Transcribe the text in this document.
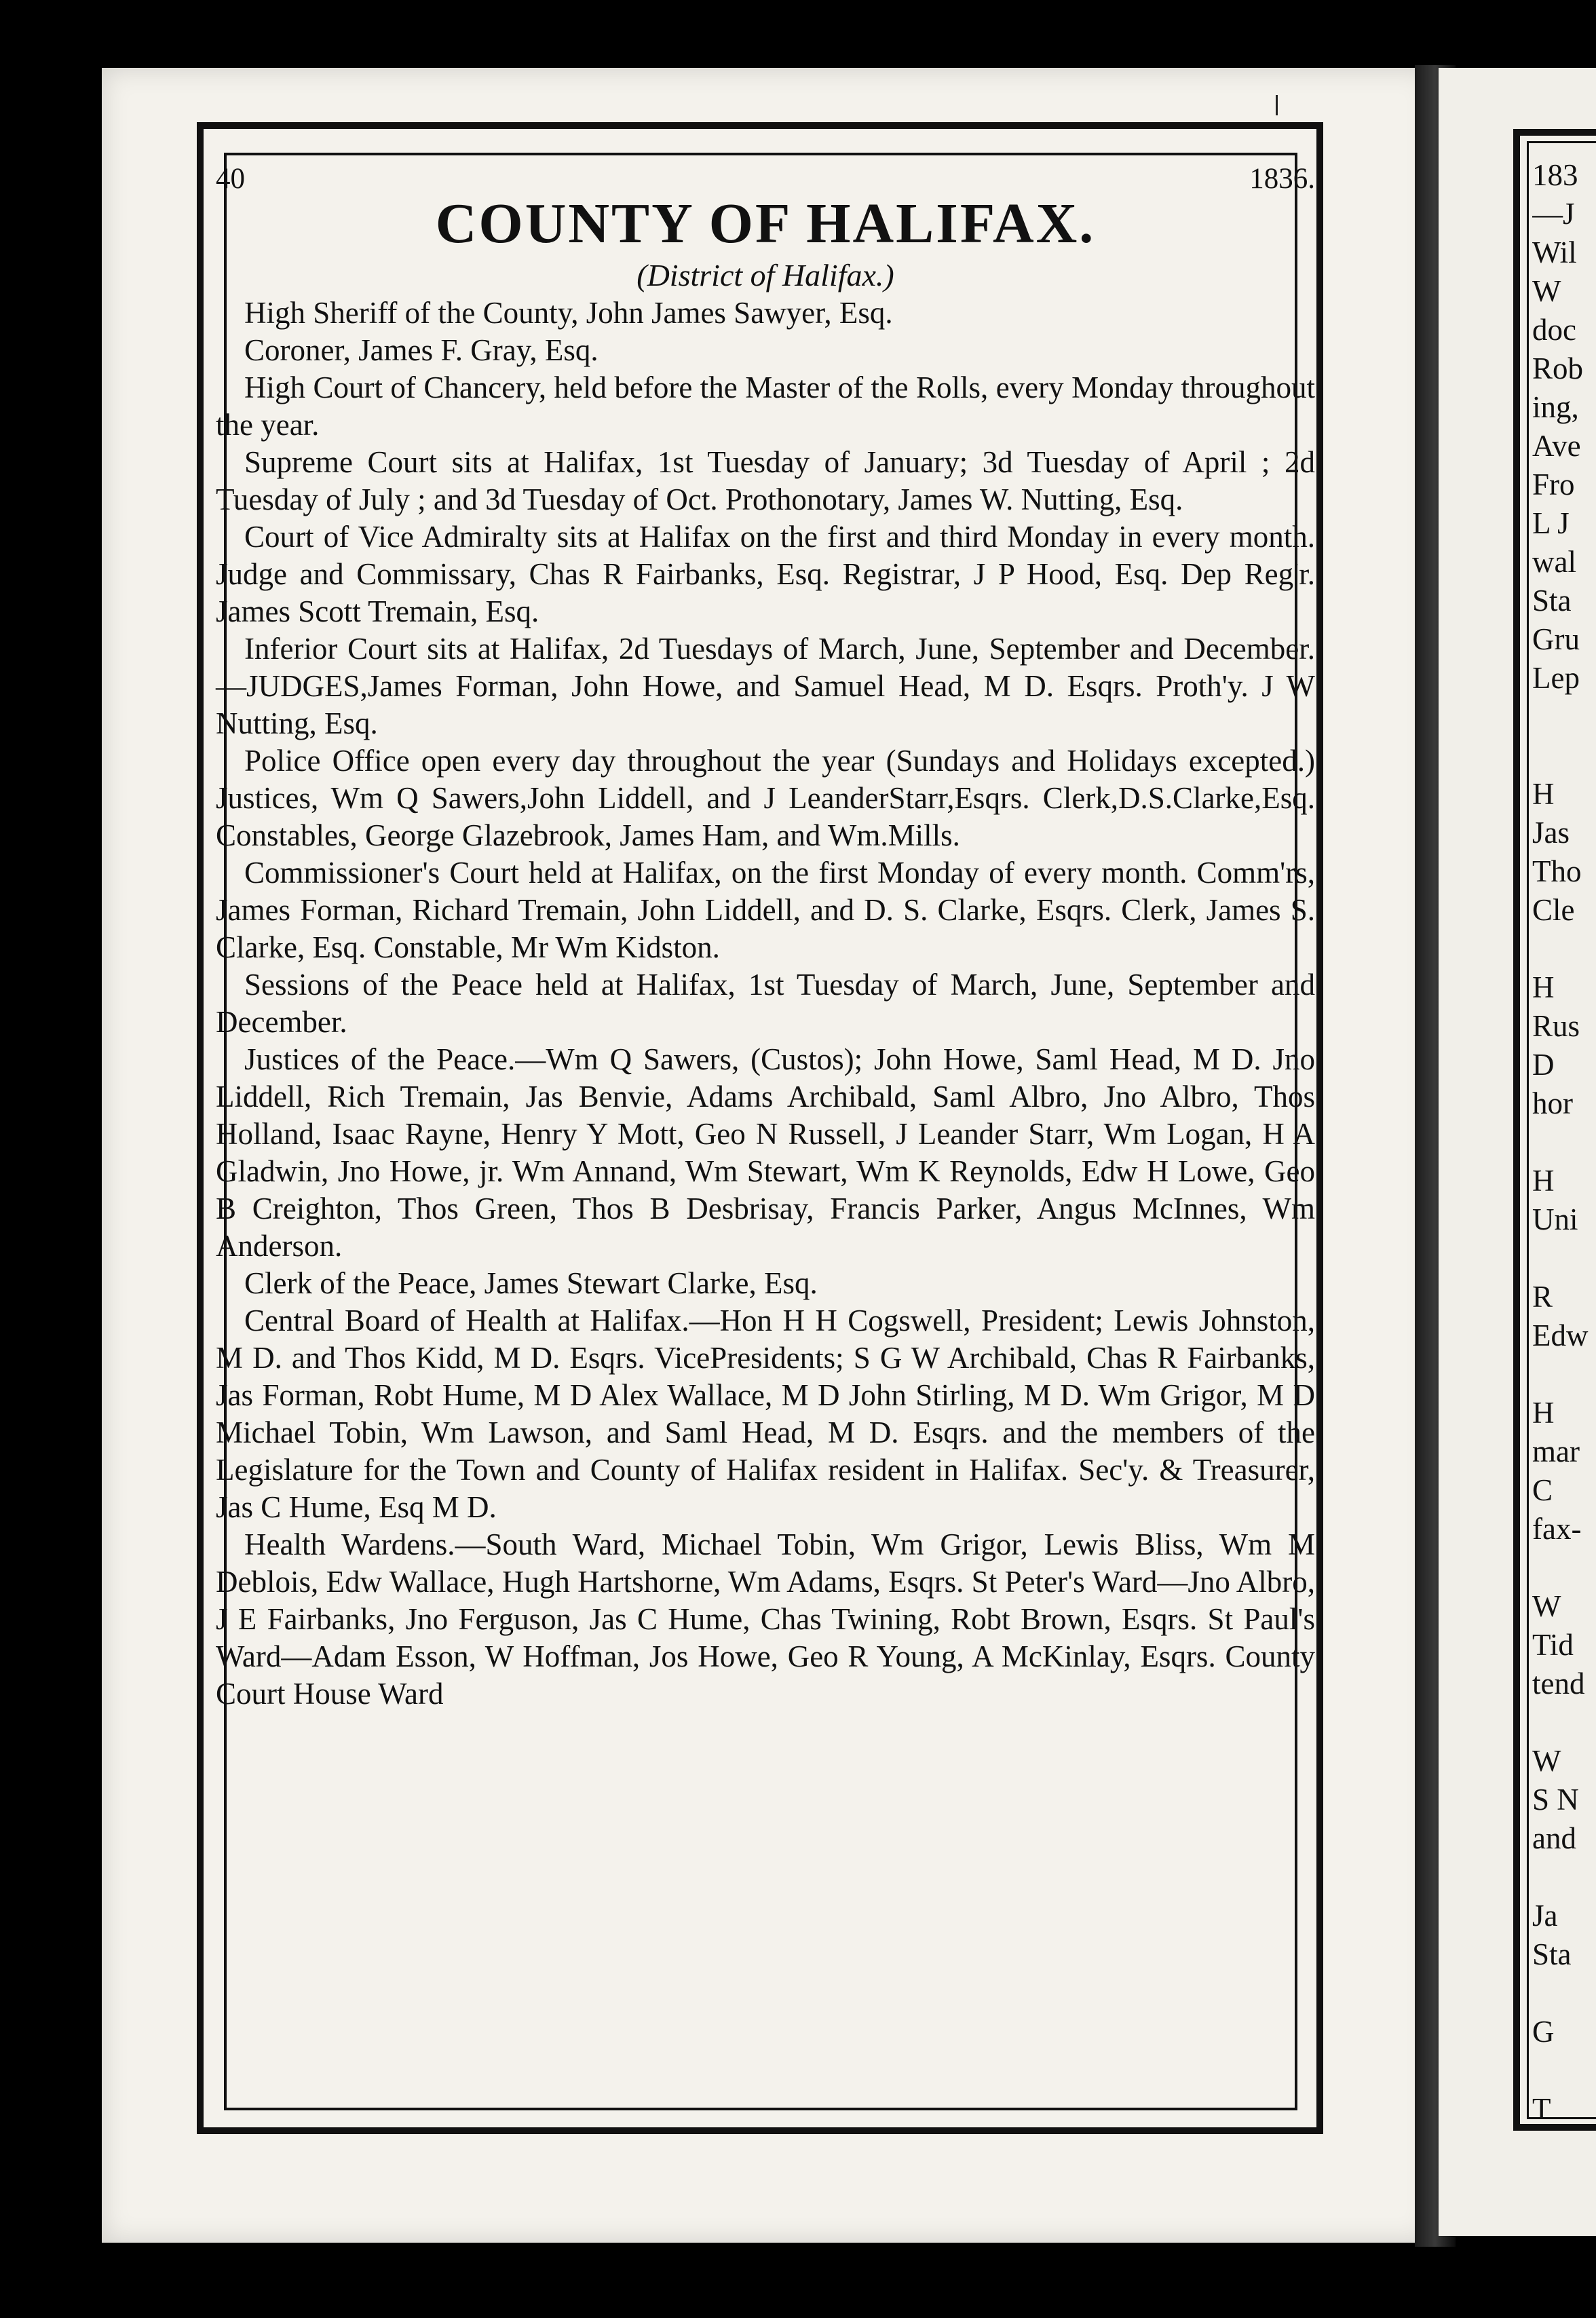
40	1836.
COUNTY OF HALIFAX.
(District of Halifax.)

High Sheriff of the County, John James Sawyer, Esq.

Coroner, James F. Gray, Esq.

High Court of Chancery, held before the Master of the Rolls, every Monday throughout the year.

Supreme Court sits at Halifax, 1st Tuesday of January; 3d Tuesday of April ; 2d Tuesday of July ; and 3d Tuesday of Oct. Prothonotary, James W. Nutting, Esq.

Court of Vice Admiralty sits at Halifax on the first and third Monday in every month. Judge and Commissary, Chas R Fairbanks, Esq. Registrar, J P Hood, Esq. Dep Reg'r. James Scott Tremain, Esq.

Inferior Court sits at Halifax, 2d Tuesdays of March, June, September and December.—JUDGES,James Forman, John Howe, and Samuel Head, M D. Esqrs. Proth'y. J W Nutting, Esq.

Police Office open every day throughout the year (Sundays and Holidays excepted.) Justices, Wm Q Sawers,John Liddell, and J LeanderStarr,Esqrs. Clerk,D.S.Clarke,Esq. Constables, George Glazebrook, James Ham, and Wm.Mills.

Commissioner's Court held at Halifax, on the first Monday of every month. Comm'rs, James Forman, Richard Tremain, John Liddell, and D. S. Clarke, Esqrs. Clerk, James S. Clarke, Esq. Constable, Mr Wm Kidston.

Sessions of the Peace held at Halifax, 1st Tuesday of March, June, September and December.

Justices of the Peace.—Wm Q Sawers, (Custos); John Howe, Saml Head, M D. Jno Liddell, Rich Tremain, Jas Benvie, Adams Archibald, Saml Albro, Jno Albro, Thos Holland, Isaac Rayne, Henry Y Mott, Geo N Russell, J Leander Starr, Wm Logan, H A Gladwin, Jno Howe, jr. Wm Annand, Wm Stewart, Wm K Reynolds, Edw H Lowe, Geo B Creighton, Thos Green, Thos B Desbrisay, Francis Parker, Angus McInnes, Wm Anderson.

Clerk of the Peace, James Stewart Clarke, Esq.

Central Board of Health at Halifax.—Hon H H Cogswell, President; Lewis Johnston, M D. and Thos Kidd, M D. Esqrs. VicePresidents; S G W Archibald, Chas R Fairbanks, Jas Forman, Robt Hume, M D Alex Wallace, M D John Stirling, M D. Wm Grigor, M D Michael Tobin, Wm Lawson, and Saml Head, M D. Esqrs. and the members of the Legislature for the Town and County of Halifax resident in Halifax. Sec'y. & Treasurer, Jas C Hume, Esq M D.

Health Wardens.—South Ward, Michael Tobin, Wm Grigor, Lewis Bliss, Wm M Deblois, Edw Wallace, Hugh Hartshorne, Wm Adams, Esqrs. St Peter's Ward—Jno Albro, J E Fairbanks, Jno Ferguson, Jas C Hume, Chas Twining, Robt Brown, Esqrs. St Paul's Ward—Adam Esson, W Hoffman, Jos Howe, Geo R Young, A McKinlay, Esqrs. County Court House Ward

183
—J
Wil
W
doc
Rob
ing,
Ave
Fro
L J
wal
Sta
Gru
Lep
H
Jas
Tho
Cle
H
Rus
D
hor
H
Uni
R
Edw
H
mar
C
fax-
W
Tid
tend
W
S N
and
Ja
Sta
G
T
